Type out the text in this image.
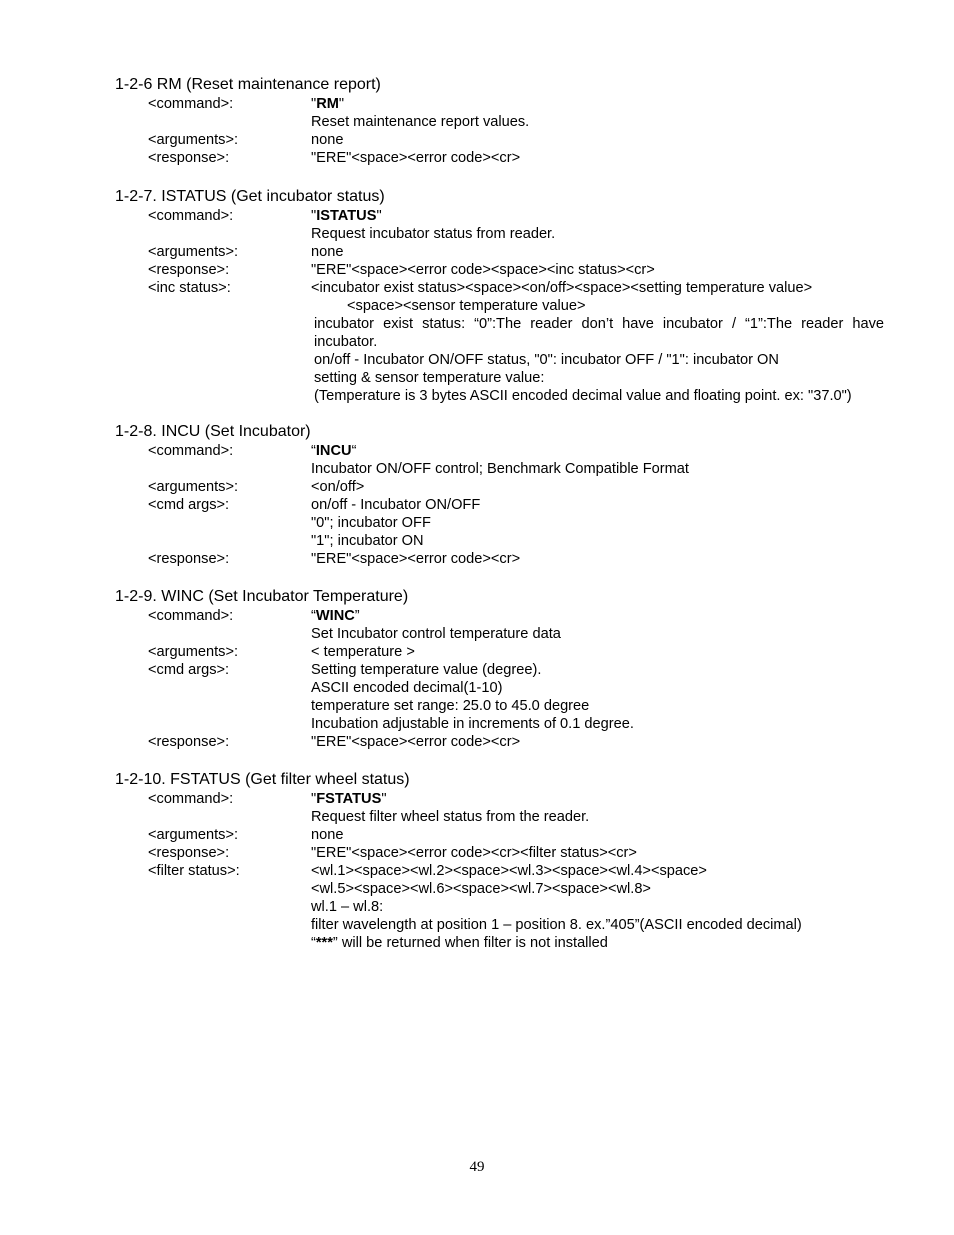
1-2-6 RM (Reset maintenance report)
<command>:	"RM"
Reset maintenance report values.
<arguments>:	none
<response>:	"ERE"<space><error code><cr>
1-2-7. ISTATUS (Get incubator status)
<command>:	"ISTATUS"
Request incubator status from reader.
<arguments>:	none
<response>:	"ERE"<space><error code><space><inc status><cr>
<inc status>:	<incubator exist status><space><on/off><space><setting temperature value>
<space><sensor temperature value>
incubator exist status: “0”:The reader don’t have incubator / “1”:The reader have
incubator.
on/off - Incubator ON/OFF status, "0": incubator OFF / "1": incubator ON
setting & sensor temperature value:
(Temperature is 3 bytes ASCII encoded decimal value and floating point. ex: "37.0")
1-2-8. INCU (Set Incubator)
<command>:	“INCU“
Incubator ON/OFF control; Benchmark Compatible Format
<arguments>:	<on/off>
<cmd args>:	on/off - Incubator ON/OFF
"0"; incubator OFF
"1"; incubator ON
<response>:	"ERE"<space><error code><cr>
1-2-9. WINC (Set Incubator Temperature)
<command>:	“WINC”
Set Incubator control temperature data
<arguments>:	< temperature >
<cmd args>:	Setting temperature value (degree).
ASCII encoded decimal(1-10)
temperature set range: 25.0 to 45.0 degree
Incubation adjustable in increments of 0.1 degree.
<response>:	"ERE"<space><error code><cr>
1-2-10. FSTATUS (Get filter wheel status)
<command>:	"FSTATUS"
Request filter wheel status from the reader.
<arguments>:	none
<response>:	"ERE"<space><error code><cr><filter status><cr>
<filter status>:	<wl.1><space><wl.2><space><wl.3><space><wl.4><space>
<wl.5><space><wl.6><space><wl.7><space><wl.8>
wl.1 – wl.8:
filter wavelength at position 1 – position 8. ex.”405”(ASCII encoded decimal)
“***” will be returned when filter is not installed
49
